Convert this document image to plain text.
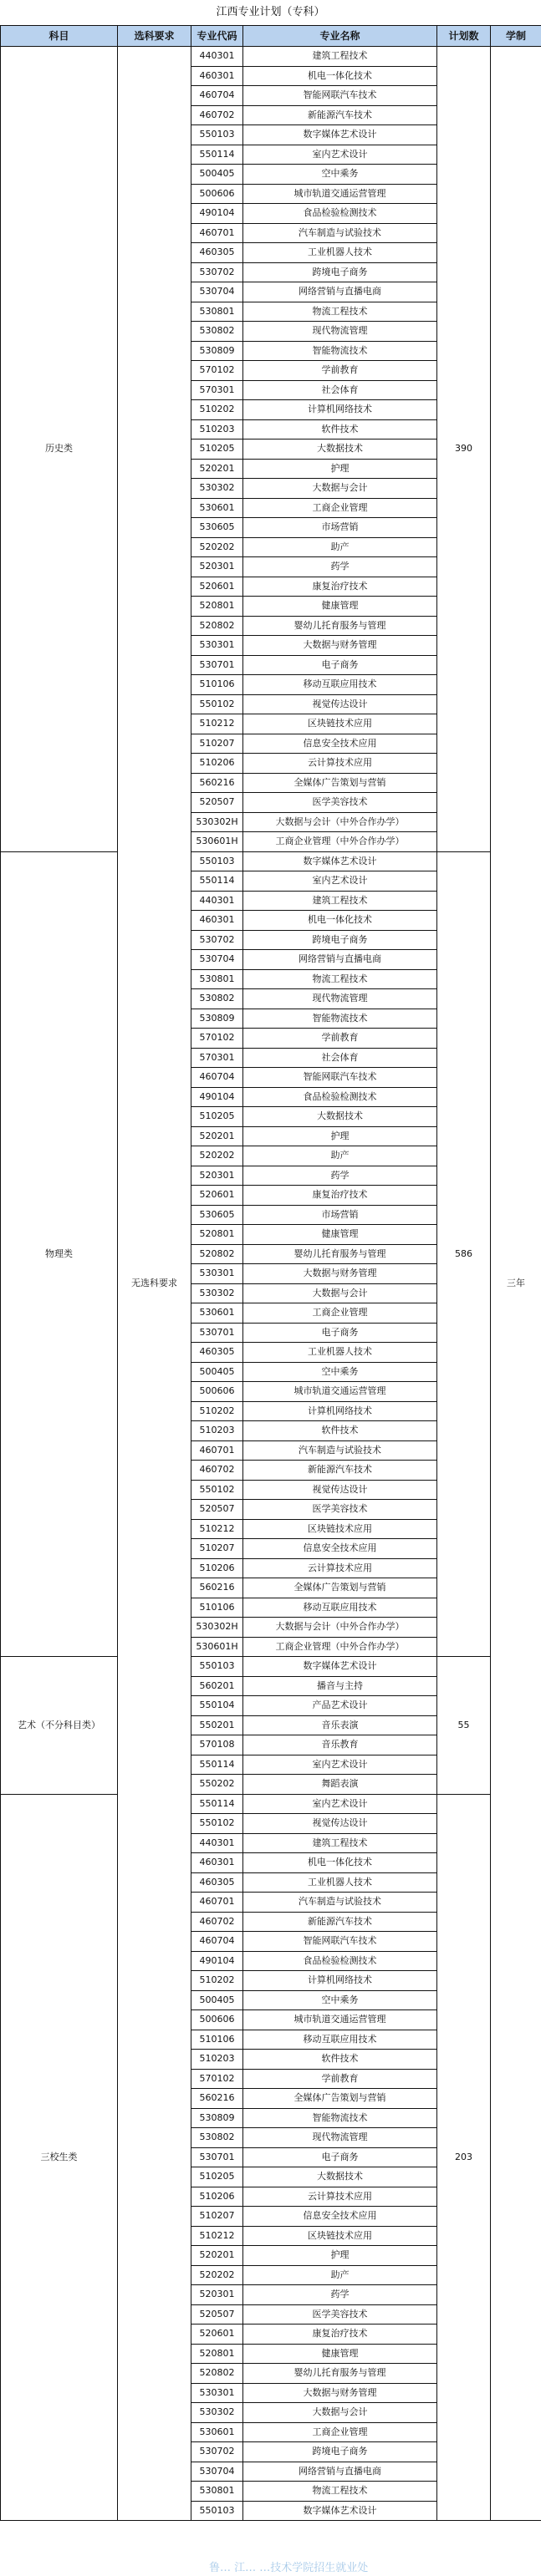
江西专业计划（专科）
科目	选科要求	专业代码	专业名称	计划数	学制
历史类	无选科要求	440301	建筑工程技术	390	三年
		460301	机电一体化技术		
		460704	智能网联汽车技术		
		460702	新能源汽车技术		
		550103	数字媒体艺术设计		
		550114	室内艺术设计		
		500405	空中乘务		
		500606	城市轨道交通运营管理		
		490104	食品检验检测技术		
		460701	汽车制造与试验技术		
		460305	工业机器人技术		
		530702	跨境电子商务		
		530704	网络营销与直播电商		
		530801	物流工程技术		
		530802	现代物流管理		
		530809	智能物流技术		
		570102	学前教育		
		570301	社会体育		
		510202	计算机网络技术		
		510203	软件技术		
		510205	大数据技术		
		520201	护理		
		530302	大数据与会计		
		530601	工商企业管理		
		530605	市场营销		
		520202	助产		
		520301	药学		
		520601	康复治疗技术		
		520801	健康管理		
		520802	婴幼儿托育服务与管理		
		530301	大数据与财务管理		
		530701	电子商务		
		510106	移动互联应用技术		
		550102	视觉传达设计		
		510212	区块链技术应用		
		510207	信息安全技术应用		
		510206	云计算技术应用		
		560216	全媒体广告策划与营销		
		520507	医学美容技术		
		530302H	大数据与会计（中外合作办学）		
		530601H	工商企业管理（中外合作办学）		
物理类		550103	数字媒体艺术设计	586	
		550114	室内艺术设计		
		440301	建筑工程技术		
		460301	机电一体化技术		
		530702	跨境电子商务		
		530704	网络营销与直播电商		
		530801	物流工程技术		
		530802	现代物流管理		
		530809	智能物流技术		
		570102	学前教育		
		570301	社会体育		
		460704	智能网联汽车技术		
		490104	食品检验检测技术		
		510205	大数据技术		
		520201	护理		
		520202	助产		
		520301	药学		
		520601	康复治疗技术		
		530605	市场营销		
		520801	健康管理		
		520802	婴幼儿托育服务与管理		
		530301	大数据与财务管理		
		530302	大数据与会计		
		530601	工商企业管理		
		530701	电子商务		
		460305	工业机器人技术		
		500405	空中乘务		
		500606	城市轨道交通运营管理		
		510202	计算机网络技术		
		510203	软件技术		
		460701	汽车制造与试验技术		
		460702	新能源汽车技术		
		550102	视觉传达设计		
		520507	医学美容技术		
		510212	区块链技术应用		
		510207	信息安全技术应用		
		510206	云计算技术应用		
		560216	全媒体广告策划与营销		
		510106	移动互联应用技术		
		530302H	大数据与会计（中外合作办学）		
		530601H	工商企业管理（中外合作办学）		
艺术（不分科目类）		550103	数字媒体艺术设计	55	
		560201	播音与主持		
		550104	产品艺术设计		
		550201	音乐表演		
		570108	音乐教育		
		550114	室内艺术设计		
		550202	舞蹈表演		
三校生类		550114	室内艺术设计	203	
		550102	视觉传达设计		
		440301	建筑工程技术		
		460301	机电一体化技术		
		460305	工业机器人技术		
		460701	汽车制造与试验技术		
		460702	新能源汽车技术		
		460704	智能网联汽车技术		
		490104	食品检验检测技术		
		510202	计算机网络技术		
		500405	空中乘务		
		500606	城市轨道交通运营管理		
		510106	移动互联应用技术		
		510203	软件技术		
		570102	学前教育		
		560216	全媒体广告策划与营销		
		530809	智能物流技术		
		530802	现代物流管理		
		530701	电子商务		
		510205	大数据技术		
		510206	云计算技术应用		
		510207	信息安全技术应用		
		510212	区块链技术应用		
		520201	护理		
		520202	助产		
		520301	药学		
		520507	医学美容技术		
		520601	康复治疗技术		
		520801	健康管理		
		520802	婴幼儿托育服务与管理		
		530301	大数据与财务管理		
		530302	大数据与会计		
		530601	工商企业管理		
		530702	跨境电子商务		
		530704	网络营销与直播电商		
		530801	物流工程技术		
		550103	数字媒体艺术设计		
鲁… 江… …技术学院招生就业处
